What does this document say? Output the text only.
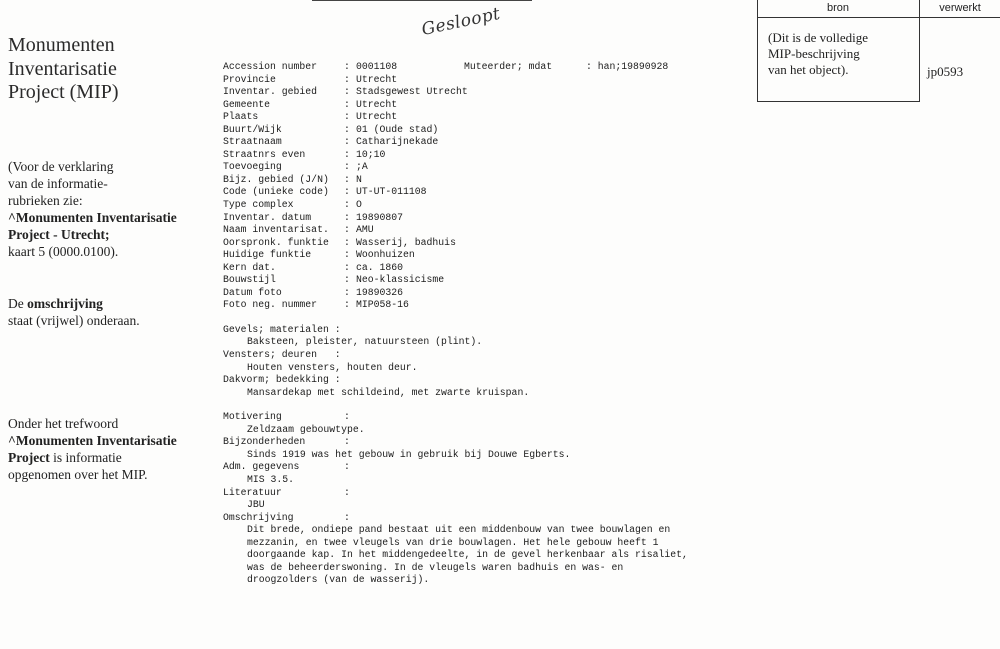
Monumenten
Inventarisatie
Project (MIP)
(Voor de verklaring
van de informatie-
rubrieken zie:
^Monumenten Inventarisatie
Project - Utrecht;
kaart 5 (0000.0100).
De omschrijving
staat (vrijwel) onderaan.
Onder het trefwoord
^Monumenten Inventarisatie
Project is informatie
opgenomen over het MIP.
Gesloopt	bron	verwerkt
(Dit is de volledige
MIP-beschrijving
van het object).	jp0593
Accession number	: 0001108	Muteerder; mdat	: han;19890928
Provincie	: Utrecht
Inventar. gebied	: Stadsgewest Utrecht
Gemeente	: Utrecht
Plaats	: Utrecht
Buurt/Wijk	: 01 (Oude stad)
Straatnaam	: Catharijnekade
Straatnrs even	: 10;10
Toevoeging	: ;A
Bijz. gebied (J/N) : N
Code (unieke code) : UT-UT-011108
Type complex	: O
Inventar. datum	: 19890807
Naam inventarisat. : AMU
Oorspronk. funktie : Wasserij, badhuis
Huidige funktie	: Woonhuizen
Kern dat.	: ca. 1860
Bouwstijl	: Neo-klassicisme
Datum foto	: 19890326
Foto neg. nummer	: MIP058-16
Gevels; materialen :
Baksteen, pleister, natuursteen (plint).
Vensters; deuren   :
Houten vensters, houten deur.
Dakvorm; bedekking :
Mansardekap met schildeind, met zwarte kruispan.
Motivering	:
Zeldzaam gebouwtype.
Bijzonderheden	:
Sinds 1919 was het gebouw in gebruik bij Douwe Egberts.
Adm. gegevens	:
MIS 3.5.
Literatuur	:
JBU
Omschrijving	:
Dit brede, ondiepe pand bestaat uit een middenbouw van twee bouwlagen en
mezzanin, en twee vleugels van drie bouwlagen. Het hele gebouw heeft 1
doorgaande kap. In het middengedeelte, in de gevel herkenbaar als risaliet,
was de beheerderswoning. In de vleugels waren badhuis en was- en
droogzolders (van de wasserij).
